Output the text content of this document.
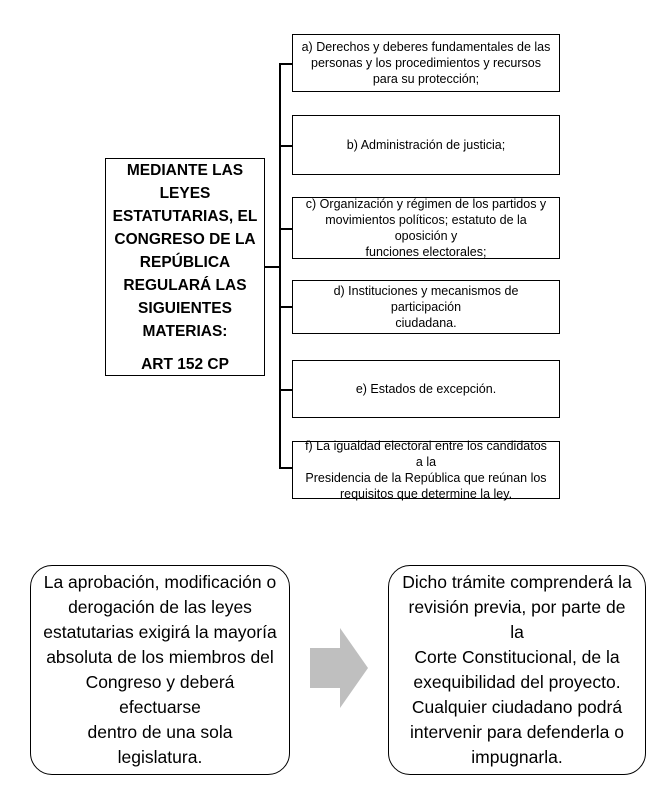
MEDIANTE LAS LEYES
ESTATUTARIAS, EL
CONGRESO DE LA
REPÚBLICA
REGULARÁ LAS
SIGUIENTES
MATERIAS:
ART 152 CP
a) Derechos y deberes fundamentales de las
personas y los procedimientos y recursos
para su protección;
b) Administración de justicia;
c) Organización y régimen de los partidos y
movimientos políticos; estatuto de la oposición y
funciones electorales;
d) Instituciones y mecanismos de participación
ciudadana.
e) Estados de excepción.
f) La igualdad electoral entre los candidatos a la
Presidencia de la República que reúnan los
requisitos que determine la ley.
La aprobación, modificación o
derogación de las leyes
estatutarias exigirá la mayoría
absoluta de los miembros del
Congreso y deberá efectuarse
dentro de una sola legislatura.
Dicho trámite comprenderá la
revisión previa, por parte de la
Corte Constitucional, de la
exequibilidad del proyecto.
Cualquier ciudadano podrá
intervenir para defenderla o
impugnarla.
